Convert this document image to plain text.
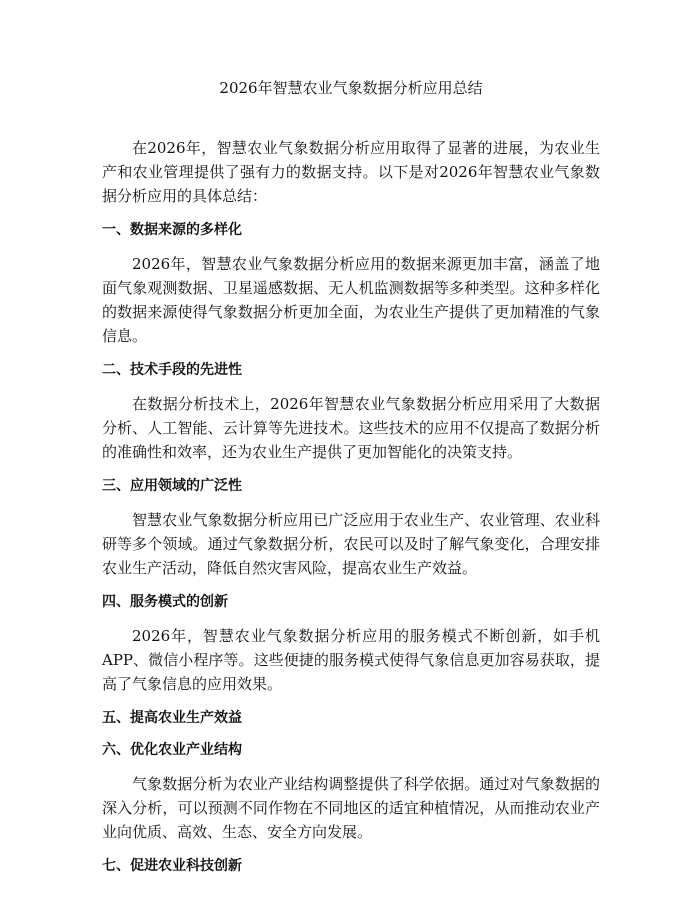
2026年智慧农业气象数据分析应用总结

在2026年，智慧农业气象数据分析应用取得了显著的进展，为农业生产和农业管理提供了强有力的数据支持。以下是对2026年智慧农业气象数据分析应用的具体总结：

一、数据来源的多样化

2026年，智慧农业气象数据分析应用的数据来源更加丰富，涵盖了地面气象观测数据、卫星遥感数据、无人机监测数据等多种类型。这种多样化的数据来源使得气象数据分析更加全面，为农业生产提供了更加精准的气象信息。

二、技术手段的先进性

在数据分析技术上，2026年智慧农业气象数据分析应用采用了大数据分析、人工智能、云计算等先进技术。这些技术的应用不仅提高了数据分析的准确性和效率，还为农业生产提供了更加智能化的决策支持。

三、应用领域的广泛性

智慧农业气象数据分析应用已广泛应用于农业生产、农业管理、农业科研等多个领域。通过气象数据分析，农民可以及时了解气象变化，合理安排农业生产活动，降低自然灾害风险，提高农业生产效益。

四、服务模式的创新

2026年，智慧农业气象数据分析应用的服务模式不断创新，如手机APP、微信小程序等。这些便捷的服务模式使得气象信息更加容易获取，提高了气象信息的应用效果。

五、提高农业生产效益
六、优化农业产业结构

气象数据分析为农业产业结构调整提供了科学依据。通过对气象数据的深入分析，可以预测不同作物在不同地区的适宜种植情况，从而推动农业产业向优质、高效、生态、安全方向发展。

七、促进农业科技创新
